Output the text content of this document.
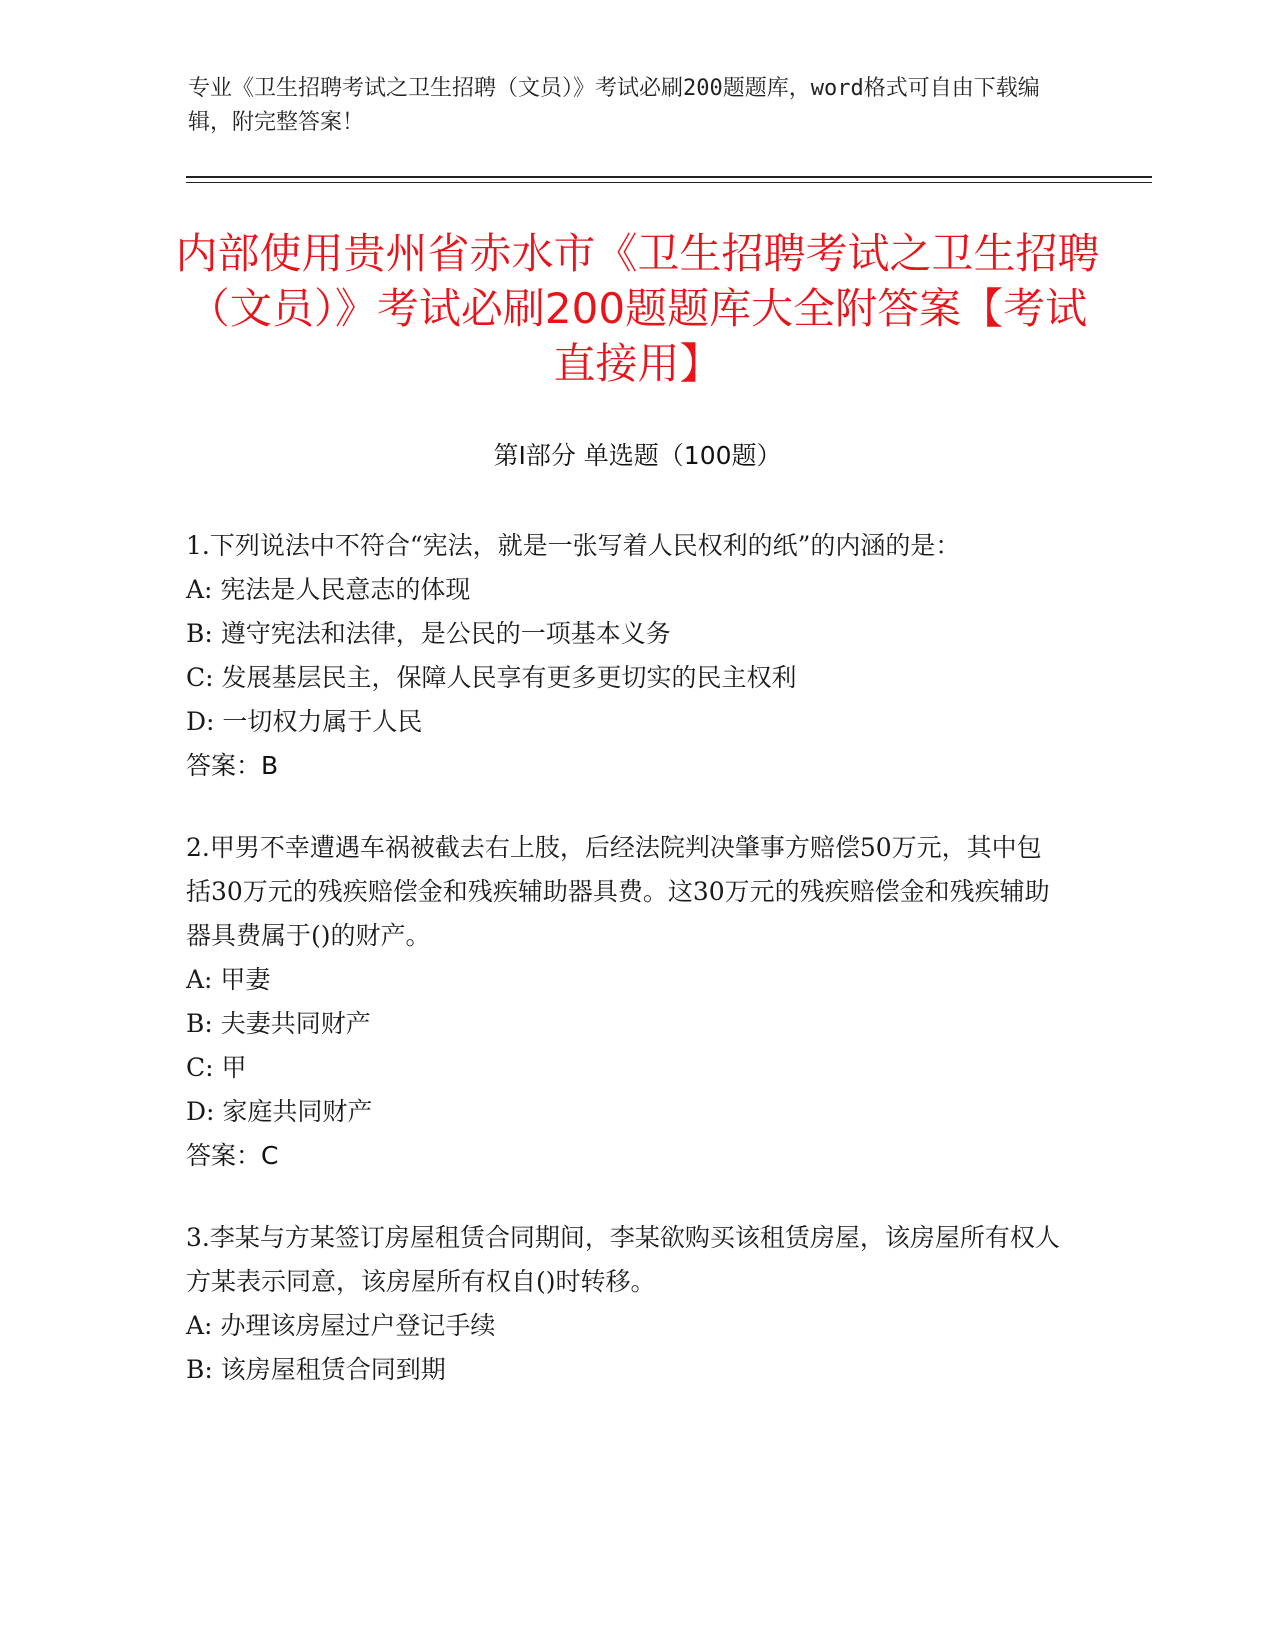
专业《卫生招聘考试之卫生招聘（文员）》考试必刷200题题库，word格式可自由下载编辑，附完整答案！
内部使用贵州省赤水市《卫生招聘考试之卫生招聘（文员）》考试必刷200题题库大全附答案【考试直接用】
第I部分 单选题（100题）
1.下列说法中不符合“宪法，就是一张写着人民权利的纸”的内涵的是：
A: 宪法是人民意志的体现
B: 遵守宪法和法律，是公民的一项基本义务
C: 发展基层民主，保障人民享有更多更切实的民主权利
D: 一切权力属于人民
答案：B
2.甲男不幸遭遇车祸被截去右上肢，后经法院判决肇事方赔偿50万元，其中包括30万元的残疾赔偿金和残疾辅助器具费。这30万元的残疾赔偿金和残疾辅助器具费属于()的财产。
A: 甲妻
B: 夫妻共同财产
C: 甲
D: 家庭共同财产
答案：C
3.李某与方某签订房屋租赁合同期间，李某欲购买该租赁房屋，该房屋所有权人方某表示同意，该房屋所有权自()时转移。
A: 办理该房屋过户登记手续
B: 该房屋租赁合同到期
